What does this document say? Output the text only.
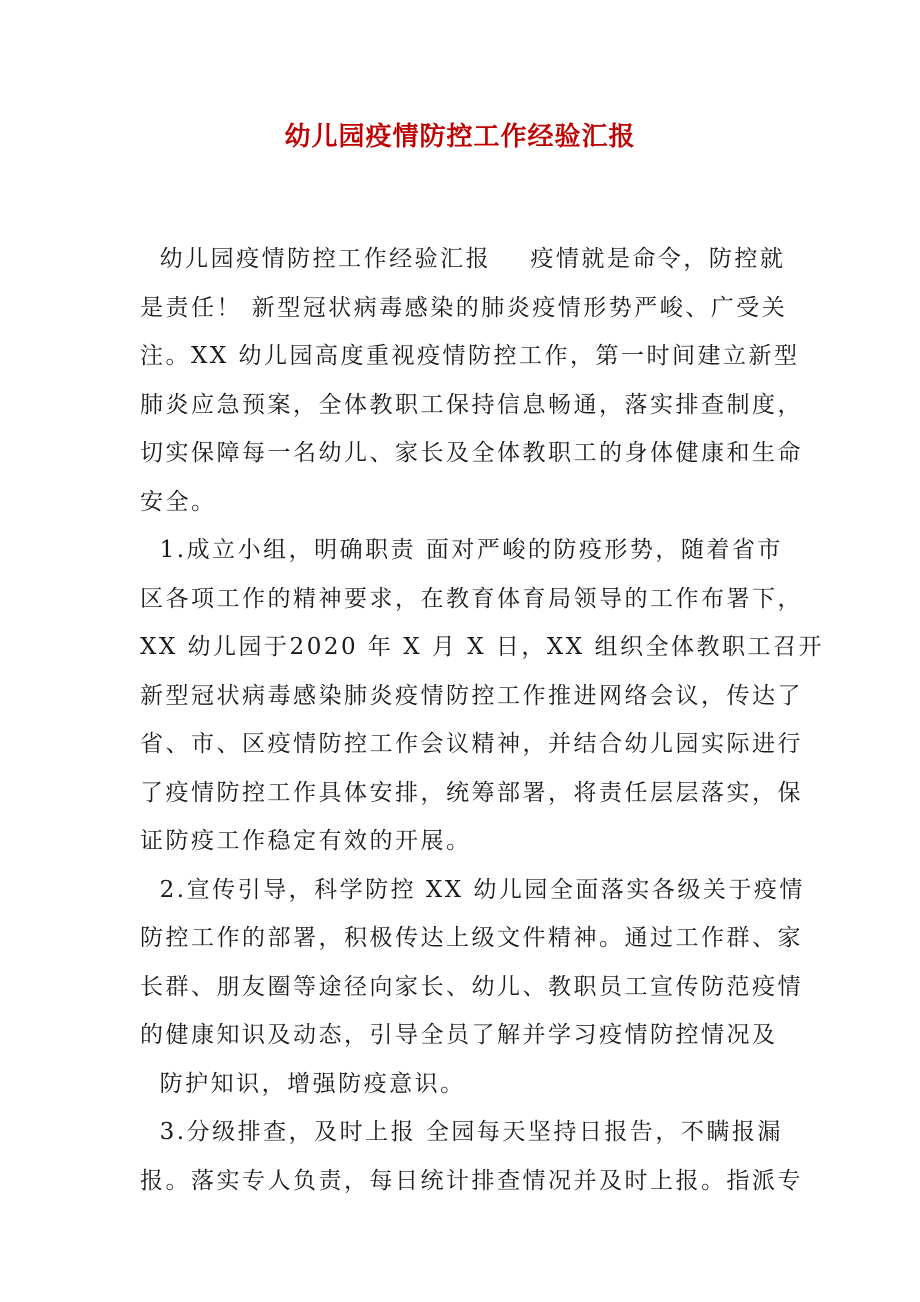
幼儿园疫情防控工作经验汇报
幼儿园疫情防控工作经验汇报    疫情就是命令，防控就
是责任！ 新型冠状病毒感染的肺炎疫情形势严峻、广受关
注。XX 幼儿园高度重视疫情防控工作，第一时间建立新型
肺炎应急预案，全体教职工保持信息畅通，落实排查制度，
切实保障每一名幼儿、家长及全体教职工的身体健康和生命
安全。
1.成立小组，明确职责 面对严峻的防疫形势，随着省市
区各项工作的精神要求，在教育体育局领导的工作布署下，
XX 幼儿园于2020 年 X 月 X 日，XX 组织全体教职工召开
新型冠状病毒感染肺炎疫情防控工作推进网络会议，传达了
省、市、区疫情防控工作会议精神，并结合幼儿园实际进行
了疫情防控工作具体安排，统筹部署，将责任层层落实，保
证防疫工作稳定有效的开展。
2.宣传引导，科学防控 XX 幼儿园全面落实各级关于疫情
防控工作的部署，积极传达上级文件精神。通过工作群、家
长群、朋友圈等途径向家长、幼儿、教职员工宣传防范疫情
的健康知识及动态，引导全员了解并学习疫情防控情况及
防护知识，增强防疫意识。
3.分级排查，及时上报 全园每天坚持日报告，不瞒报漏
报。落实专人负责，每日统计排查情况并及时上报。指派专
